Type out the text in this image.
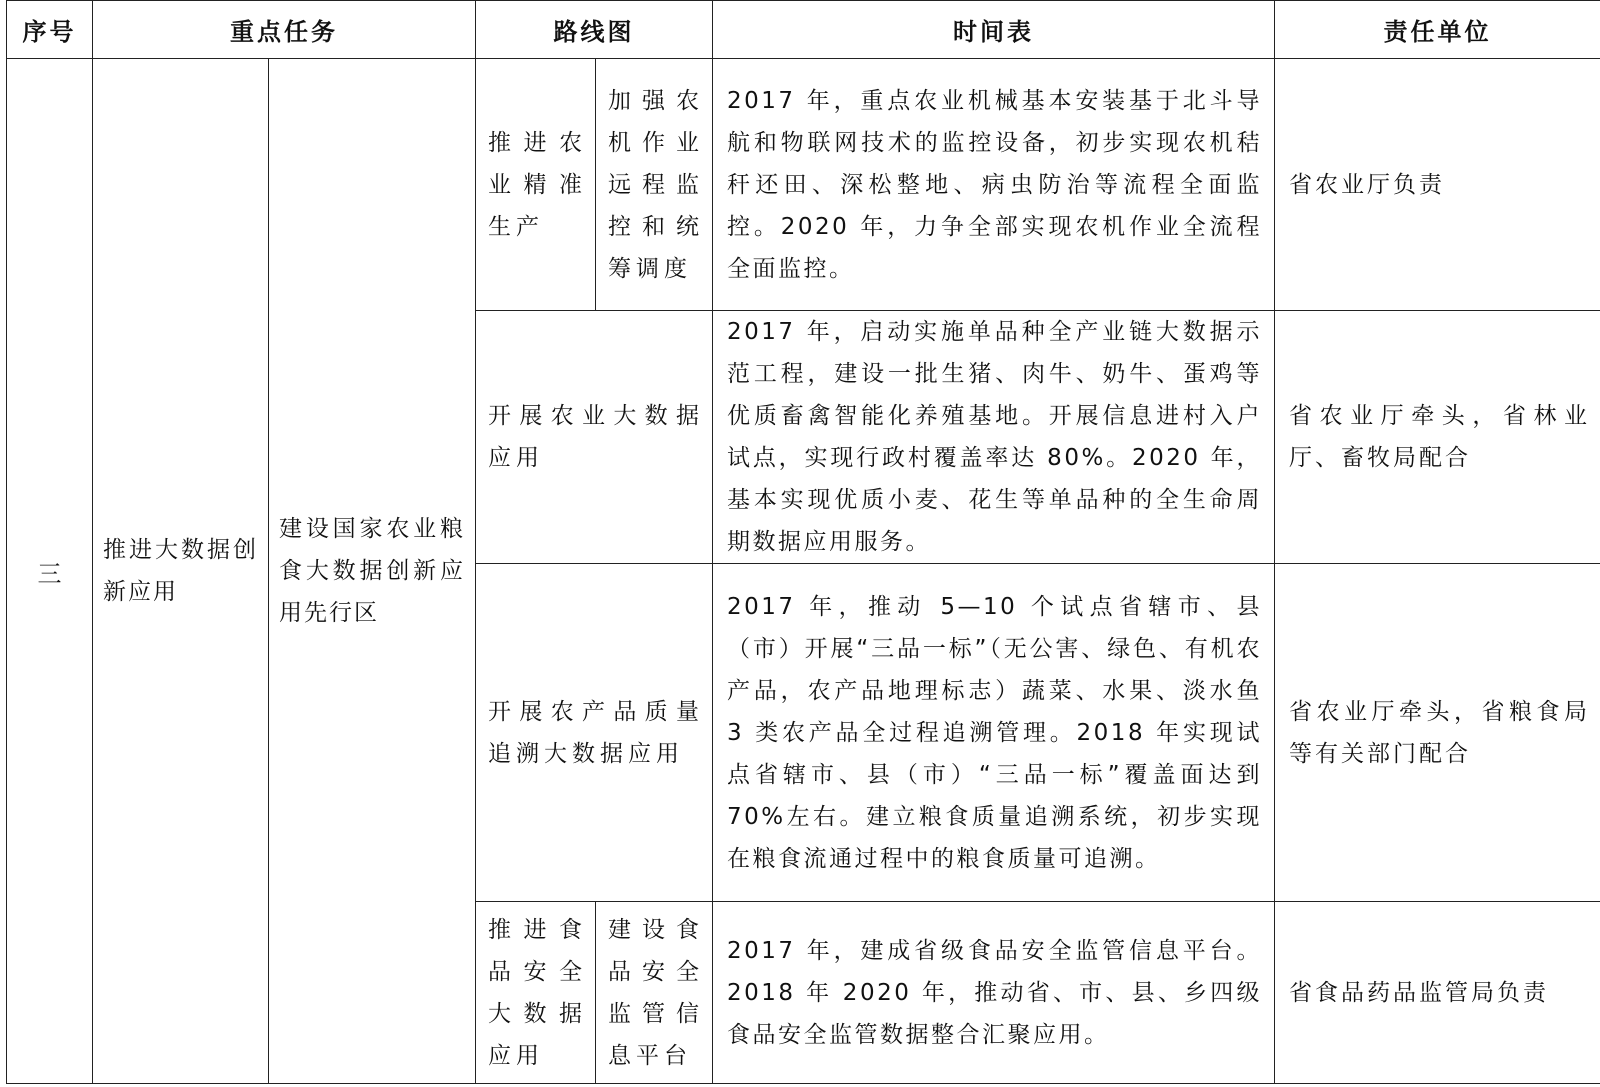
序号	重点任务		路线图		时间表	责任单位
三	推进大数据创新应用	建设国家农业粮食大数据创新应用先行区	推进农业精准生产	加强农机作业远程监控和统筹调度	2017 年，重点农业机械基本安装基于北斗导航和物联网技术的监控设备，初步实现农机秸秆还田、深松整地、病虫防治等流程全面监控。2020 年，力争全部实现农机作业全流程全面监控。	省农业厅负责

			开展农业大数据应用		2017 年，启动实施单品种全产业链大数据示范工程，建设一批生猪、肉牛、奶牛、蛋鸡等优质畜禽智能化养殖基地。开展信息进村入户试点，实现行政村覆盖率达 80%。2020 年，基本实现优质小麦、花生等单品种的全生命周期数据应用服务。	省农业厅牵头，省林业厅、畜牧局配合

			开展农产品质量追溯大数据应用		2017 年，推动 5—10 个试点省辖市、县（市）开展“三品一标”（无公害、绿色、有机农产品，农产品地理标志）蔬菜、水果、淡水鱼 3 类农产品全过程追溯管理。2018 年实现试点省辖市、县（市）“三品一标”覆盖面达到 70%左右。建立粮食质量追溯系统，初步实现在粮食流通过程中的粮食质量可追溯。	省农业厅牵头，省粮食局等有关部门配合

			推进食品安全大数据应用	建设食品安全监管信息平台	2017 年，建成省级食品安全监管信息平台。2018 年 2020 年，推动省、市、县、乡四级食品安全监管数据整合汇聚应用。	省食品药品监管局负责
